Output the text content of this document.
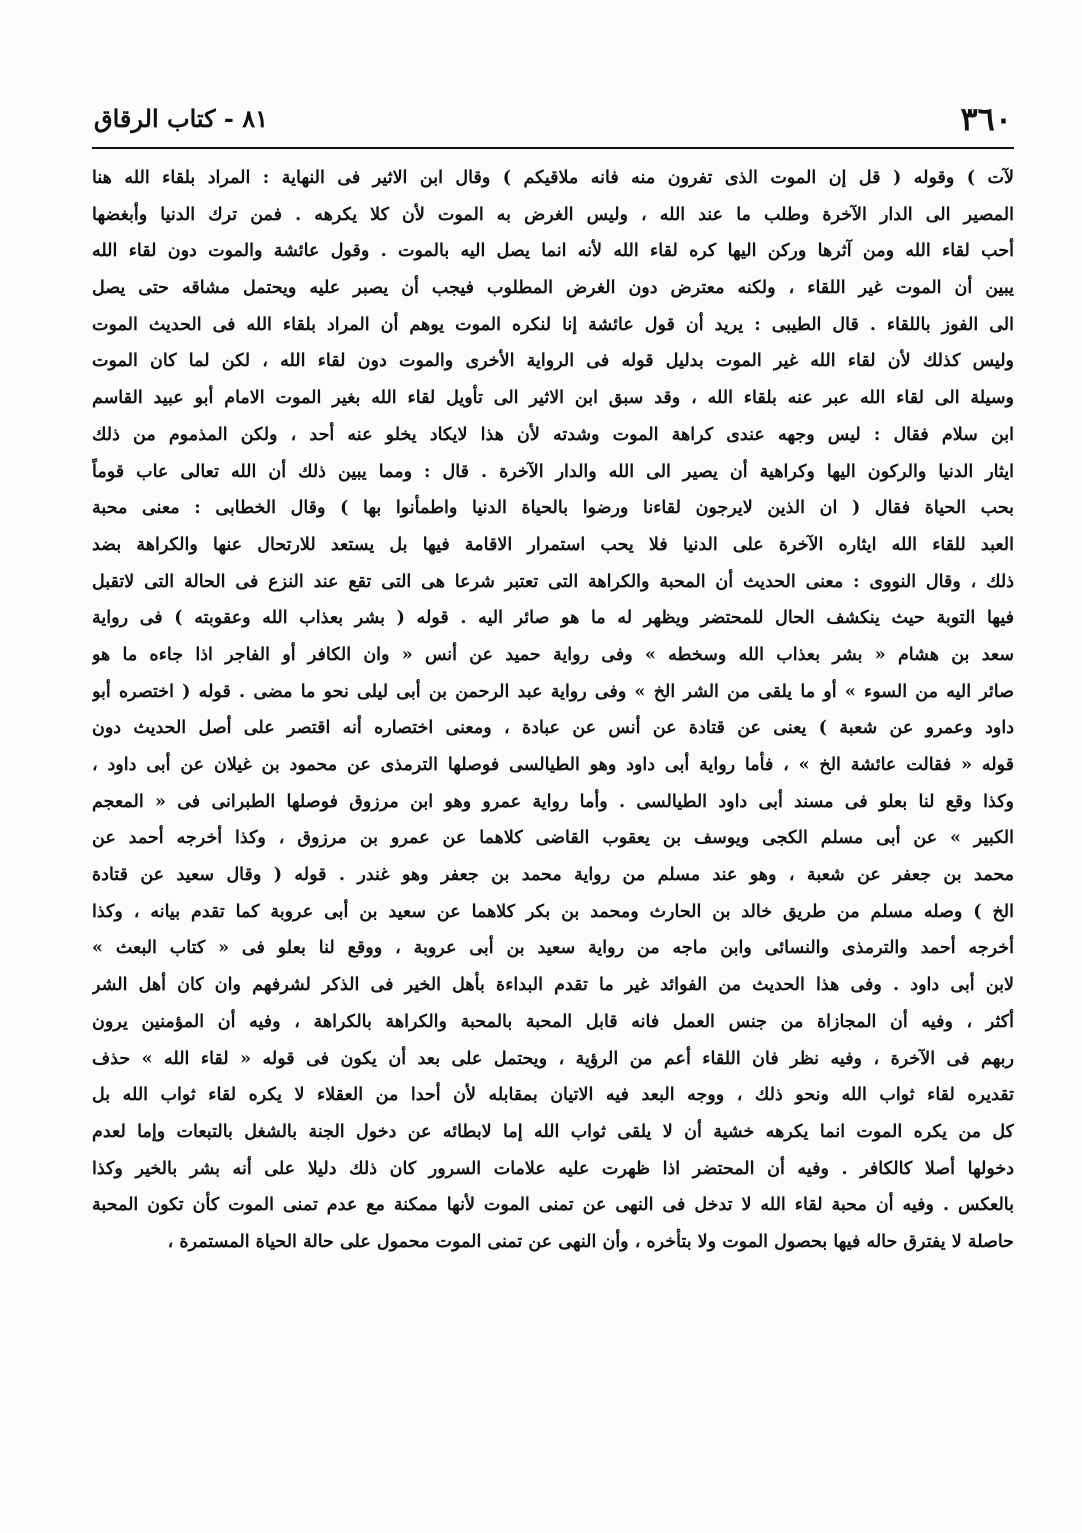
٣٦٠
٨١ - كتاب الرقاق
لآت ) وقوله ( قل إن الموت الذى تفرون منه فانه ملاقيكم ) وقال ابن الاثير فى النهاية : المراد بلقاء الله هنا
المصير الى الدار الآخرة وطلب ما عند الله ، وليس الغرض به الموت لأن كلا يكرهه . فمن ترك الدنيا وأبغضها
أحب لقاء الله ومن آثرها وركن اليها كره لقاء الله لأنه انما يصل اليه بالموت . وقول عائشة والموت دون لقاء الله
يبين أن الموت غير اللقاء ، ولكنه معترض دون الغرض المطلوب فيجب أن يصبر عليه ويحتمل مشاقه حتى يصل
الى الفوز باللقاء . قال الطيبى : يريد أن قول عائشة إنا لنكره الموت يوهم أن المراد بلقاء الله فى الحديث الموت
وليس كذلك لأن لقاء الله غير الموت بدليل قوله فى الرواية الأخرى والموت دون لقاء الله ، لكن لما كان الموت
وسيلة الى لقاء الله عبر عنه بلقاء الله ، وقد سبق ابن الاثير الى تأويل لقاء الله بغير الموت الامام أبو عبيد القاسم
ابن سلام فقال : ليس وجهه عندى كراهة الموت وشدته لأن هذا لايكاد يخلو عنه أحد ، ولكن المذموم من ذلك
ايثار الدنيا والركون اليها وكراهية أن يصير الى الله والدار الآخرة . قال : ومما يبين ذلك أن الله تعالى عاب قوماً
بحب الحياة فقال ( ان الذين لايرجون لقاءنا ورضوا بالحياة الدنيا واطمأنوا بها ) وقال الخطابى : معنى محبة
العبد للقاء الله ايثاره الآخرة على الدنيا فلا يحب استمرار الاقامة فيها بل يستعد للارتحال عنها والكراهة بضد
ذلك ، وقال النووى : معنى الحديث أن المحبة والكراهة التى تعتبر شرعا هى التى تقع عند النزع فى الحالة التى لاتقبل
فيها التوبة حيث ينكشف الحال للمحتضر ويظهر له ما هو صائر اليه . قوله ( بشر بعذاب الله وعقوبته ) فى رواية
سعد بن هشام « بشر بعذاب الله وسخطه » وفى رواية حميد عن أنس « وان الكافر أو الفاجر اذا جاءه ما هو
صائر اليه من السوء » أو ما يلقى من الشر الخ » وفى رواية عبد الرحمن بن أبى ليلى نحو ما مضى . قوله ( اختصره أبو
داود وعمرو عن شعبة ) يعنى عن قتادة عن أنس عن عبادة ، ومعنى اختصاره أنه اقتصر على أصل الحديث دون
قوله « فقالت عائشة الخ » ، فأما رواية أبى داود وهو الطيالسى فوصلها الترمذى عن محمود بن غيلان عن أبى داود ،
وكذا وقع لنا بعلو فى مسند أبى داود الطيالسى . وأما رواية عمرو وهو ابن مرزوق فوصلها الطبرانى فى « المعجم
الكبير » عن أبى مسلم الكجى ويوسف بن يعقوب القاضى كلاهما عن عمرو بن مرزوق ، وكذا أخرجه أحمد عن
محمد بن جعفر عن شعبة ، وهو عند مسلم من رواية محمد بن جعفر وهو غندر . قوله ( وقال سعيد عن قتادة
الخ ) وصله مسلم من طريق خالد بن الحارث ومحمد بن بكر كلاهما عن سعيد بن أبى عروبة كما تقدم بيانه ، وكذا
أخرجه أحمد والترمذى والنسائى وابن ماجه من رواية سعيد بن أبى عروبة ، ووقع لنا بعلو فى « كتاب البعث »
لابن أبى داود . وفى هذا الحديث من الفوائد غير ما تقدم البداءة بأهل الخير فى الذكر لشرفهم وان كان أهل الشر
أكثر ، وفيه أن المجازاة من جنس العمل فانه قابل المحبة بالمحبة والكراهة بالكراهة ، وفيه أن المؤمنين يرون
ربهم فى الآخرة ، وفيه نظر فان اللقاء أعم من الرؤية ، ويحتمل على بعد أن يكون فى قوله « لقاء الله » حذف
تقديره لقاء ثواب الله ونحو ذلك ، ووجه البعد فيه الاتيان بمقابله لأن أحدا من العقلاء لا يكره لقاء ثواب الله بل
كل من يكره الموت انما يكرهه خشية أن لا يلقى ثواب الله إما لابطائه عن دخول الجنة بالشغل بالتبعات وإما لعدم
دخولها أصلا كالكافر . وفيه أن المحتضر اذا ظهرت عليه علامات السرور كان ذلك دليلا على أنه بشر بالخير وكذا
بالعكس . وفيه أن محبة لقاء الله لا تدخل فى النهى عن تمنى الموت لأنها ممكنة مع عدم تمنى الموت كأن تكون المحبة
حاصلة لا يفترق حاله فيها بحصول الموت ولا بتأخره ، وأن النهى عن تمنى الموت محمول على حالة الحياة المستمرة ،
